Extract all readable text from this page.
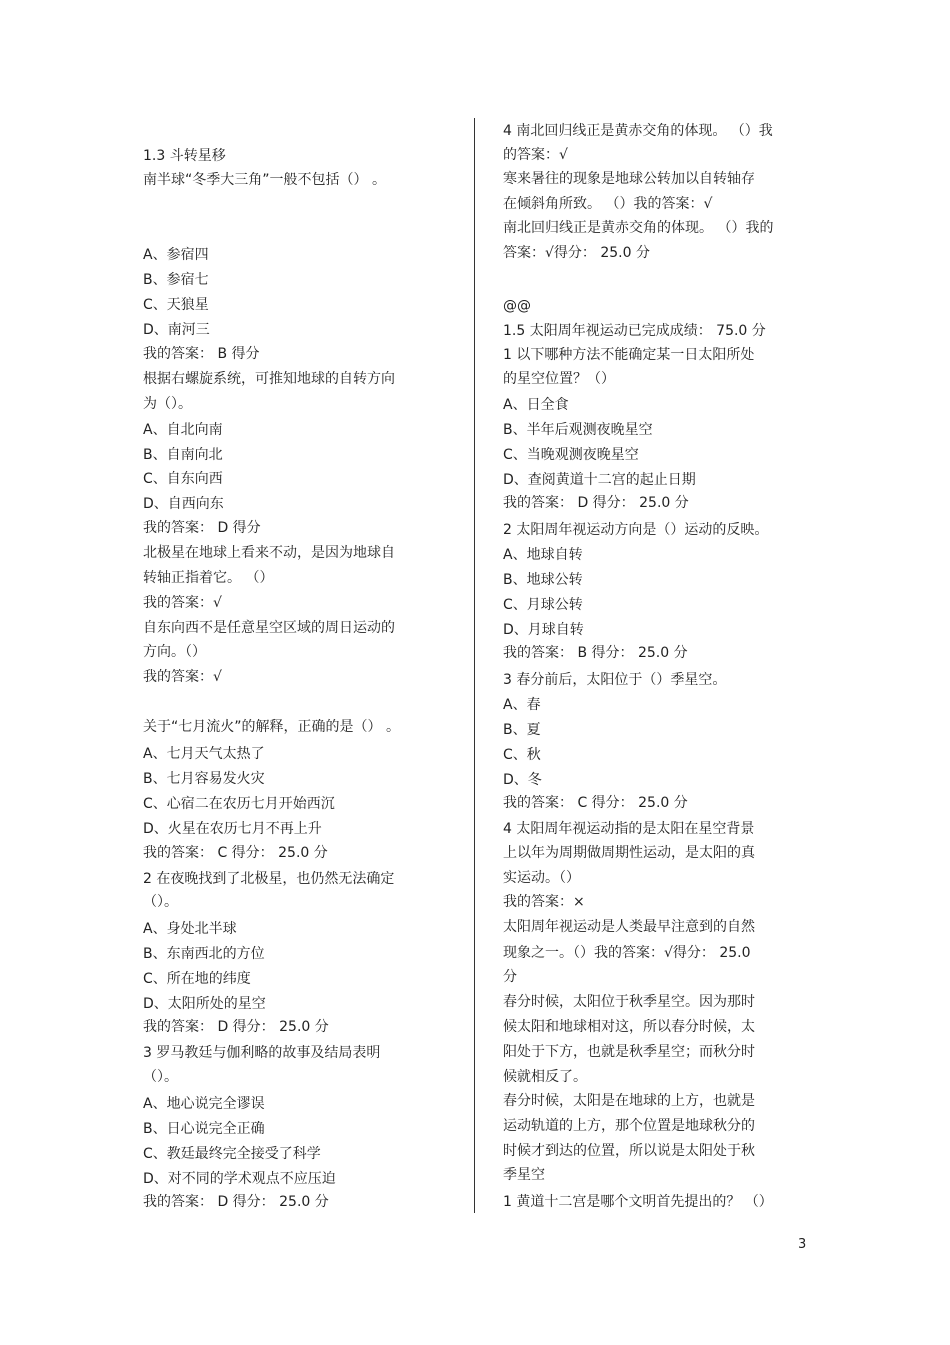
1.3 斗转星移
南半球“冬季大三角”一般不包括（） 。
A、参宿四
B、参宿七
C、天狼星
D、南河三
我的答案： B 得分
根据右螺旋系统，可推知地球的自转方向
为（）。
A、自北向南
B、自南向北
C、自东向西
D、自西向东
我的答案： D 得分
北极星在地球上看来不动，是因为地球自
转轴正指着它。 （）
我的答案：√
自东向西不是任意星空区域的周日运动的
方向。（）
我的答案：√
关于“七月流火”的解释，正确的是（） 。
A、七月天气太热了
B、七月容易发火灾
C、心宿二在农历七月开始西沉
D、火星在农历七月不再上升
我的答案： C 得分： 25.0 分
2 在夜晚找到了北极星，也仍然无法确定
（）。
A、身处北半球
B、东南西北的方位
C、所在地的纬度
D、太阳所处的星空
我的答案： D 得分： 25.0 分
3 罗马教廷与伽利略的故事及结局表明
（）。
A、地心说完全谬误
B、日心说完全正确
C、教廷最终完全接受了科学
D、对不同的学术观点不应压迫
我的答案： D 得分： 25.0 分
4 南北回归线正是黄赤交角的体现。 （）我
的答案：√
寒来暑往的现象是地球公转加以自转轴存
在倾斜角所致。 （）我的答案：√
南北回归线正是黄赤交角的体现。 （）我的
答案：√得分： 25.0 分
@@
1.5 太阳周年视运动已完成成绩： 75.0 分
1 以下哪种方法不能确定某一日太阳所处
的星空位置？（）
A、日全食
B、半年后观测夜晚星空
C、当晚观测夜晚星空
D、查阅黄道十二宫的起止日期
我的答案： D 得分： 25.0 分
2 太阳周年视运动方向是（）运动的反映。
A、地球自转
B、地球公转
C、月球公转
D、月球自转
我的答案： B 得分： 25.0 分
3 春分前后，太阳位于（）季星空。
A、春
B、夏
C、秋
D、冬
我的答案： C 得分： 25.0 分
4 太阳周年视运动指的是太阳在星空背景
上以年为周期做周期性运动，是太阳的真
实运动。（）
我的答案：×
太阳周年视运动是人类最早注意到的自然
现象之一。（）我的答案：√得分： 25.0
分
春分时候，太阳位于秋季星空。因为那时
候太阳和地球相对这，所以春分时候，太
阳处于下方，也就是秋季星空；而秋分时
候就相反了。
春分时候，太阳是在地球的上方，也就是
运动轨道的上方，那个位置是地球秋分的
时候才到达的位置，所以说是太阳处于秋
季星空
1 黄道十二宫是哪个文明首先提出的？ （）
3
